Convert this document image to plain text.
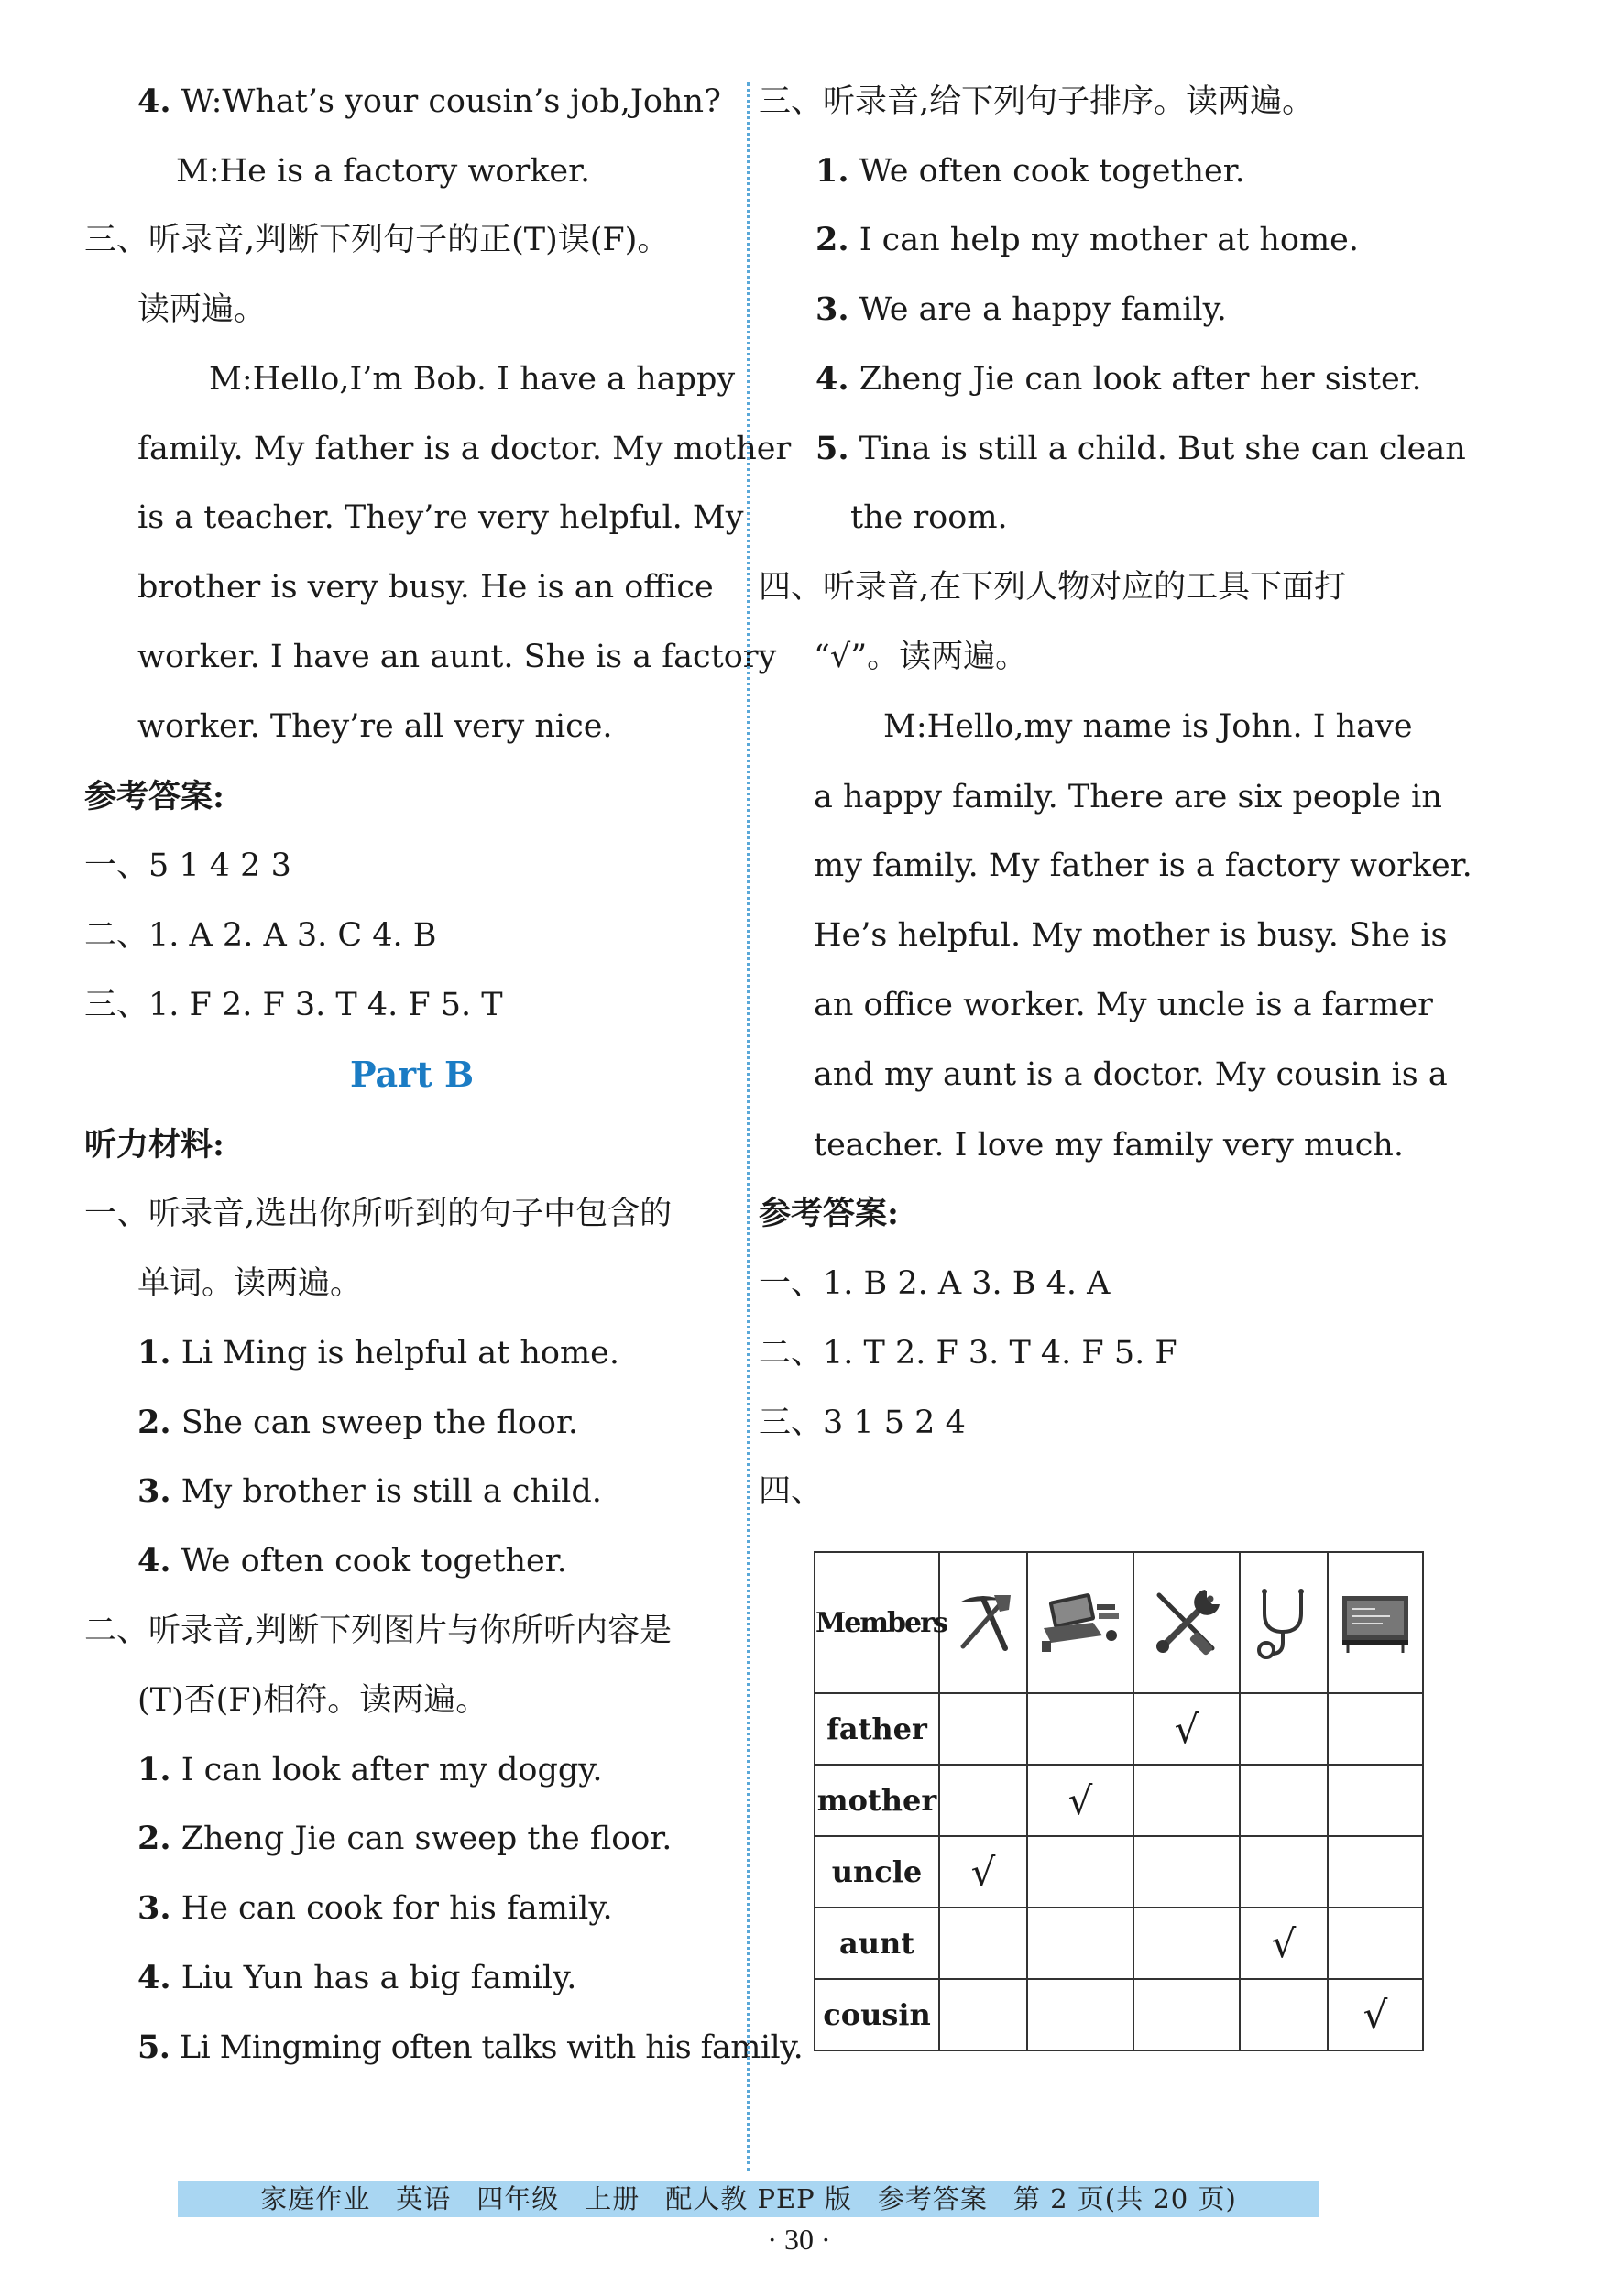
4. W:What’s your cousin’s job,John?
M:He is a factory worker.
三、听录音,判断下列句子的正(T)误(F)。
读两遍。
M:Hello,I’m Bob. I have a happy
family. My father is a doctor. My mother
is a teacher. They’re very helpful. My
brother is very busy. He is an office
worker. I have an aunt. She is a factory
worker. They’re all very nice.
参考答案:
一、5 1 4 2 3
二、1. A 2. A 3. C 4. B
三、1. F 2. F 3. T 4. F 5. T
Part B
听力材料:
一、听录音,选出你所听到的句子中包含的
单词。读两遍。
1. Li Ming is helpful at home.
2. She can sweep the floor.
3. My brother is still a child.
4. We often cook together.
二、听录音,判断下列图片与你所听内容是
(T)否(F)相符。读两遍。
1. I can look after my doggy.
2. Zheng Jie can sweep the floor.
3. He can cook for his family.
4. Liu Yun has a big family.
5. Li Mingming often talks with his family.
三、听录音,给下列句子排序。读两遍。
1. We often cook together.
2. I can help my mother at home.
3. We are a happy family.
4. Zheng Jie can look after her sister.
5. Tina is still a child. But she can clean
the room.
四、听录音,在下列人物对应的工具下面打
“√”。读两遍。
M:Hello,my name is John. I have
a happy family. There are six people in
my family. My father is a factory worker.
He’s helpful. My mother is busy. She is
an office worker. My uncle is a farmer
and my aunt is a doctor. My cousin is a
teacher. I love my family very much.
参考答案:
一、1. B 2. A 3. B 4. A
二、1. T 2. F 3. T 4. F 5. F
三、3 1 5 2 4
四、
Members	

father			√		
mother		√			
uncle	√				
aunt				√	
cousin					√
家庭作业 英语 四年级 上册 配人教 PEP 版 参考答案 第 2 页(共 20 页)
· 30 ·
